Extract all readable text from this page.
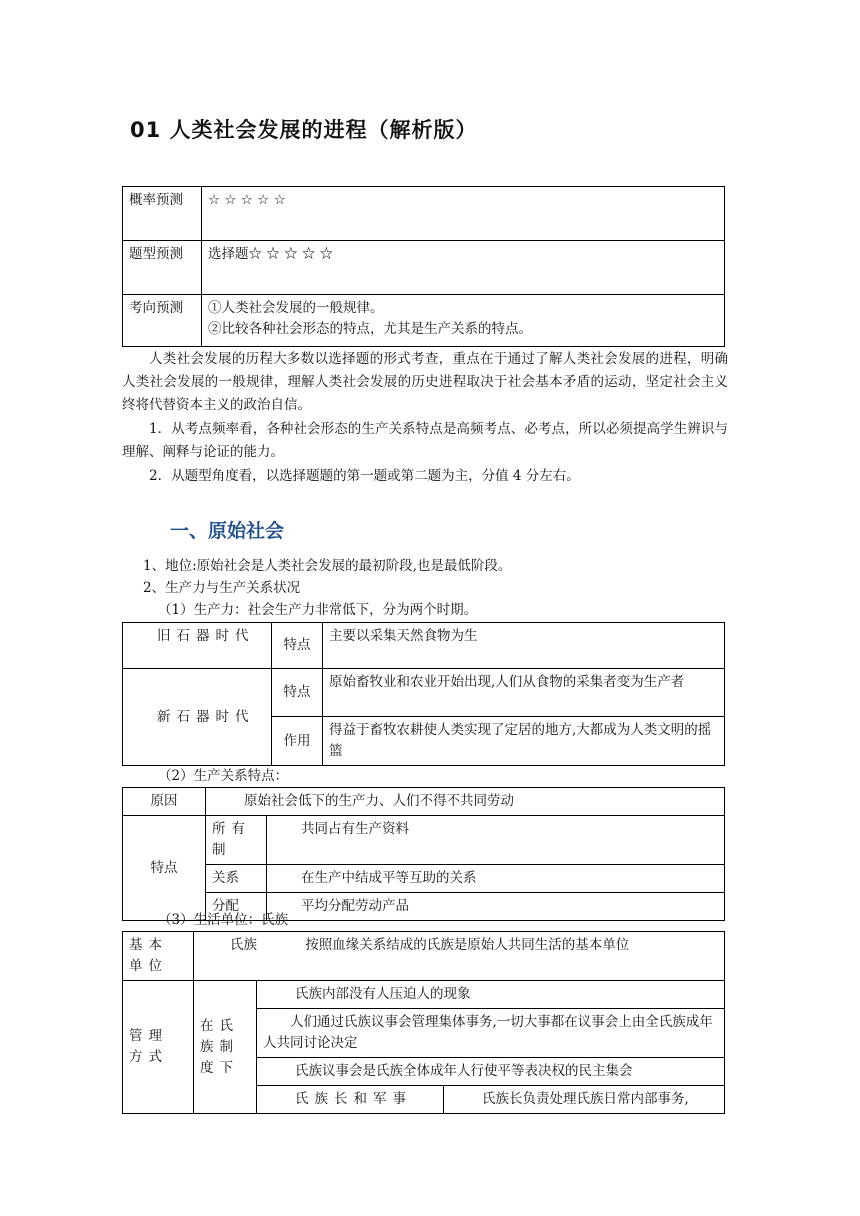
01 人类社会发展的进程（解析版）
概率预测	☆ ☆ ☆ ☆ ☆
题型预测	选择题☆ ☆ ☆ ☆ ☆
考向预测	①人类社会发展的一般规律。
②比较各种社会形态的特点，尤其是生产关系的特点。
人类社会发展的历程大多数以选择题的形式考查，重点在于通过了解人类社会发展的进程，明确人类社会发展的一般规律，理解人类社会发展的历史进程取决于社会基本矛盾的运动，坚定社会主义终将代替资本主义的政治自信。
1．从考点频率看，各种社会形态的生产关系特点是高频考点、必考点，所以必须提高学生辨识与理解、阐释与论证的能力。
2．从题型角度看，以选择题题的第一题或第二题为主，分值 4 分左右。
一、原始社会
1、地位:原始社会是人类社会发展的最初阶段,也是最低阶段。
2、生产力与生产关系状况
（1）生产力：社会生产力非常低下，分为两个时期。
旧石器时代	特点	主要以采集天然食物为生
新石器时代	特点	原始畜牧业和农业开始出现,人们从食物的采集者变为生产者
	作用	得益于畜牧农耕使人类实现了定居的地方,大都成为人类文明的摇篮
（2）生产关系特点：
原因	原始社会低下的生产力、人们不得不共同劳动	
特点	所有制	共同占有生产资料
	关系	在生产中结成平等互助的关系
	分配	平均分配劳动产品
（3）生活单位：氏族
基本单位	氏族 按照血缘关系结成的氏族是原始人共同生活的基本单位		
管理方式	在氏族制度下	氏族内部没有人压迫人的现象	
		人们通过氏族议事会管理集体事务,一切大事都在议事会上由全氏族成年人共同讨论决定	
		氏族议事会是氏族全体成年人行使平等表决权的民主集会	
		氏族长和军事	氏族长负责处理氏族日常内部事务,
